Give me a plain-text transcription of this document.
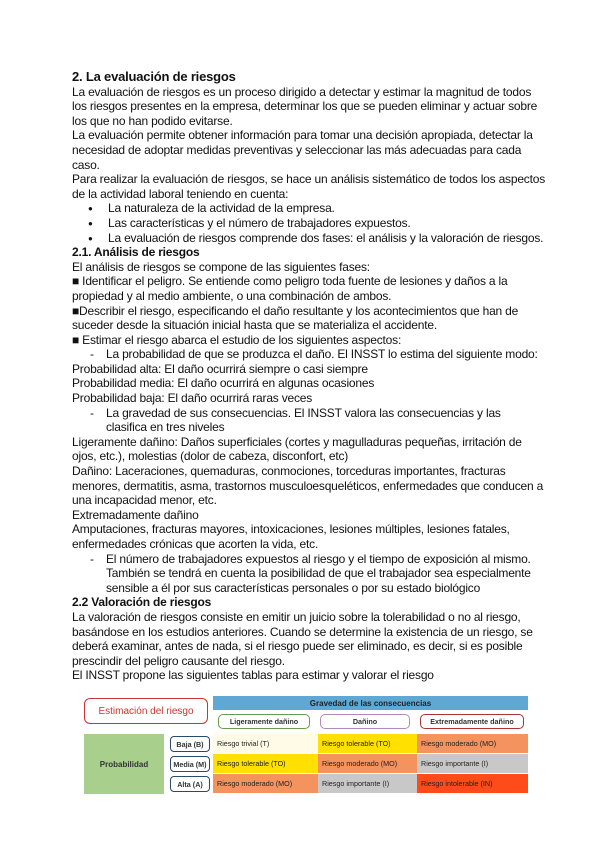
2. La evaluación de riesgos
La evaluación de riesgos es un proceso dirigido a detectar y estimar la magnitud de todos
los riesgos presentes en la empresa, determinar los que se pueden eliminar y actuar sobre
los que no han podido evitarse.
La evaluación permite obtener información para tomar una decisión apropiada, detectar la
necesidad de adoptar medidas preventivas y seleccionar las más adecuadas para cada
caso.
Para realizar la evaluación de riesgos, se hace un análisis sistemático de todos los aspectos
de la actividad laboral teniendo en cuenta:
● La naturaleza de la actividad de la empresa.
● Las características y el número de trabajadores expuestos.
● La evaluación de riesgos comprende dos fases: el análisis y la valoración de riesgos.
2.1. Análisis de riesgos
El análisis de riesgos se compone de las siguientes fases:
■ Identificar el peligro. Se entiende como peligro toda fuente de lesiones y daños a la
propiedad y al medio ambiente, o una combinación de ambos.
■Describir el riesgo, especificando el daño resultante y los acontecimientos que han de
suceder desde la situación inicial hasta que se materializa el accidente.
■ Estimar el riesgo abarca el estudio de los siguientes aspectos:
- La probabilidad de que se produzca el daño. El INSST lo estima del siguiente modo:
Probabilidad alta: El daño ocurrirá siempre o casi siempre
Probabilidad media: El daño ocurrirá en algunas ocasiones
Probabilidad baja: El daño ocurrirá raras veces
- La gravedad de sus consecuencias. El INSST valora las consecuencias y las
clasifica en tres niveles
Ligeramente dañino: Daños superficiales (cortes y magulladuras pequeñas, irritación de
ojos, etc.), molestias (dolor de cabeza, disconfort, etc)
Dañino: Laceraciones, quemaduras, conmociones, torceduras importantes, fracturas
menores, dermatitis, asma, trastornos musculoesqueléticos, enfermedades que conducen a
una incapacidad menor, etc.
Extremadamente dañino
Amputaciones, fracturas mayores, intoxicaciones, lesiones múltiples, lesiones fatales,
enfermedades crónicas que acorten la vida, etc.
- El número de trabajadores expuestos al riesgo y el tiempo de exposición al mismo.
También se tendrá en cuenta la posibilidad de que el trabajador sea especialmente
sensible a él por sus características personales o por su estado biológico
2.2 Valoración de riesgos
La valoración de riesgos consiste en emitir un juicio sobre la tolerabilidad o no al riesgo,
basándose en los estudios anteriores. Cuando se determine la existencia de un riesgo, se
deberá examinar, antes de nada, si el riesgo puede ser eliminado, es decir, si es posible
prescindir del peligro causante del riesgo.
El INSST propone las siguientes tablas para estimar y valorar el riesgo
Estimación del riesgo
Gravedad de las consecuencias
Ligeramente dañino	Dañino	Extremadamente dañino
Probabilidad
Baja (B)	Riesgo trivial (T)	Riesgo tolerable (TO)	Riesgo moderado (MO)
Media (M)	Riesgo tolerable (TO)	Riesgo moderado (MO)	Riesgo importante (I)
Alta (A)	Riesgo moderado (MO)	Riesgo importante (I)	Riesgo intolerable (IN)
